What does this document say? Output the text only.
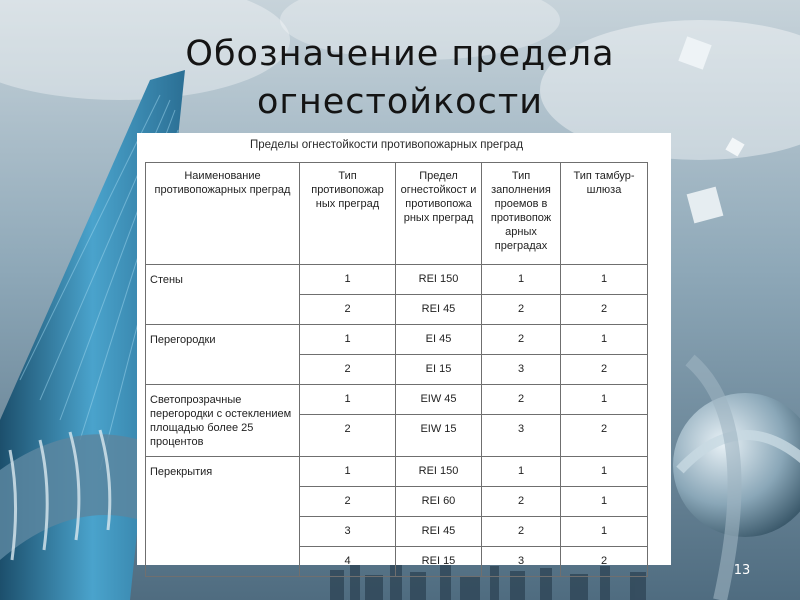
Обозначение предела
огнестойкости
Пределы огнестойкости противопожарных преград
Наименование противопожарных преград	Тип противопожар ных преград	Предел огнестойкост и противопожа рных преград	Тип заполнения проемов в противопож арных преградах	Тип тамбур-шлюза

Стены	1	REI 150	1	1
	2	REI 45	2	2
Перегородки	1	EI 45	2	1
	2	EI 15	3	2
Светопрозрачные перегородки с остеклением площадью более 25 процентов	1	EIW 45	2	1
	2	EIW 15	3	2
Перекрытия	1	REI 150	1	1
	2	REI 60	2	1
	3	REI 45	2	1
	4	REI 15	3	2
13
